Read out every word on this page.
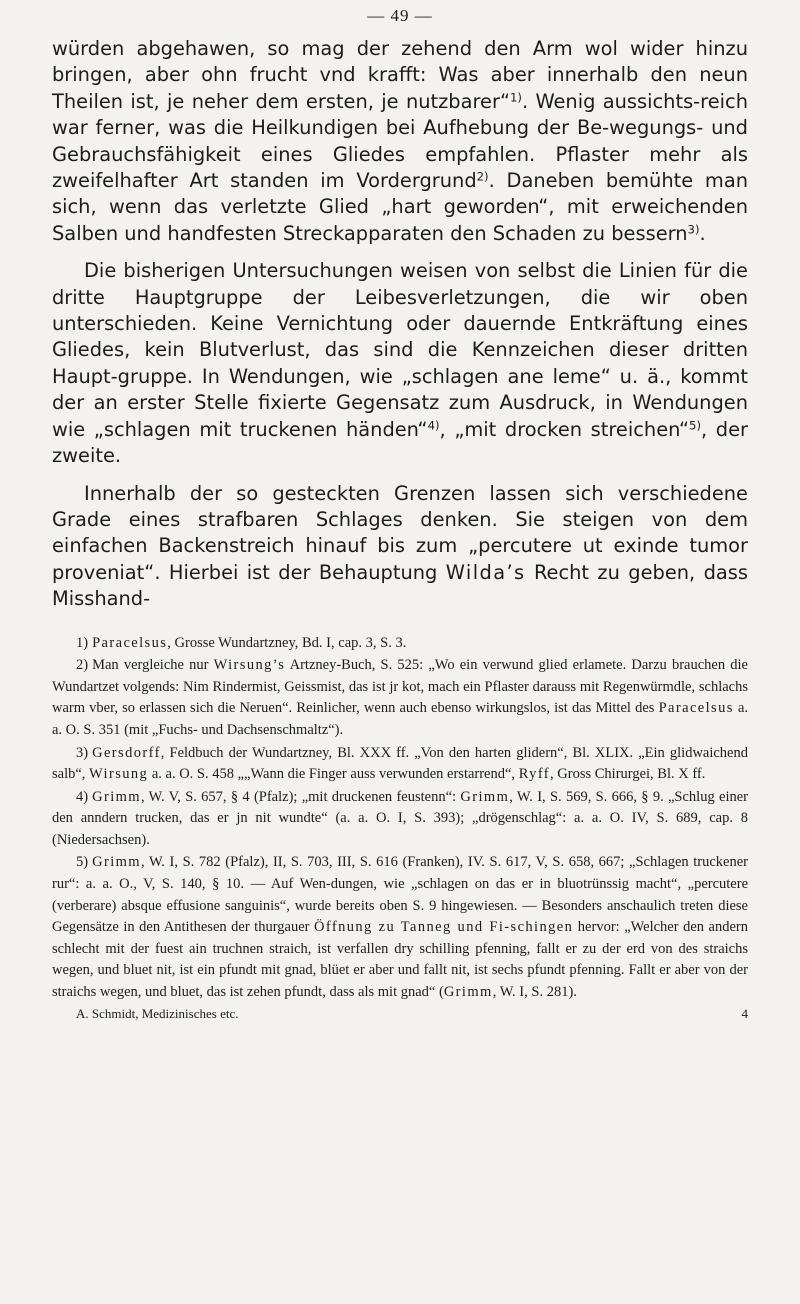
— 49 —

würden abgehawen, so mag der zehend den Arm wol wider hinzu bringen, aber ohn frucht vnd krafft: Was aber innerhalb den neun Theilen ist, je neher dem ersten, je nutzbarer“$^{1)}$. Wenig aussichts-reich war ferner, was die Heilkundigen bei Aufhebung der Be-wegungs- und Gebrauchsfähigkeit eines Gliedes empfahlen. Pflaster mehr als zweifelhafter Art standen im Vordergrund$^{2)}$. Daneben bemühte man sich, wenn das verletzte Glied „hart geworden“, mit erweichenden Salben und handfesten Streckapparaten den Schaden zu bessern$^{3)}$.

Die bisherigen Untersuchungen weisen von selbst die Linien für die dritte Hauptgruppe der Leibesverletzungen, die wir oben unterschieden. Keine Vernichtung oder dauernde Entkräftung eines Gliedes, kein Blutverlust, das sind die Kennzeichen dieser dritten Haupt-gruppe. In Wendungen, wie „schlagen ane leme“ u. ä., kommt der an erster Stelle fixierte Gegensatz zum Ausdruck, in Wendungen wie „schlagen mit truckenen händen“$^{4)}$, „mit drocken streichen“$^{5)}$, der zweite.

Innerhalb der so gesteckten Grenzen lassen sich verschiedene Grade eines strafbaren Schlages denken. Sie steigen von dem einfachen Backenstreich hinauf bis zum „percutere ut exinde tumor proveniat“. Hierbei ist der Behauptung Wilda’s Recht zu geben, dass Misshand-

1) Paracelsus, Grosse Wundartzney, Bd. I, cap. 3, S. 3.
2) Man vergleiche nur Wirsung’s Artzney-Buch, S. 525: „Wo ein verwund glied erlamete. Darzu brauchen die Wundartzet volgends: Nim Rindermist, Geissmist, das ist jr kot, mach ein Pflaster darauss mit Regenwürmdle, schlachs warm vber, so erlassen sich die Neruen“. Reinlicher, wenn auch ebenso wirkungslos, ist das Mittel des Paracelsus a. a. O. S. 351 (mit „Fuchs- und Dachsenschmaltz“).
3) Gersdorff, Feldbuch der Wundartzney, Bl. XXX ff. „Von den harten glidern“, Bl. XLIX. „Ein glidwaichend salb“, Wirsung a. a. O. S. 458 „„Wann die Finger auss verwunden erstarrend“, Ryff, Gross Chirurgei, Bl. X ff.
4) Grimm, W. V, S. 657, § 4 (Pfalz); „mit druckenen feustenn“: Grimm, W. I, S. 569, S. 666, § 9. „Schlug einer den anndern trucken, das er jn nit wundte“ (a. a. O. I, S. 393); „drögenschlag“: a. a. O. IV, S. 689, cap. 8 (Niedersachsen).
5) Grimm, W. I, S. 782 (Pfalz), II, S. 703, III, S. 616 (Franken), IV. S. 617, V, S. 658, 667; „Schlagen truckener rur“: a. a. O., V, S. 140, § 10. — Auf Wen-dungen, wie „schlagen on das er in bluotrünssig macht“, „percutere (verberare) absque effusione sanguinis“, wurde bereits oben S. 9 hingewiesen. — Besonders anschaulich treten diese Gegensätze in den Antithesen der thurgauer Öffnung zu Tanneg und Fi-schingen hervor: „Welcher den andern schlecht mit der fuest ain truchnen straich, ist verfallen dry schilling pfenning, fallt er zu der erd von des straichs wegen, und bluet nit, ist ein pfundt mit gnad, blüet er aber und fallt nit, ist sechs pfundt pfenning. Fallt er aber von der straichs wegen, und bluet, das ist zehen pfundt, dass als mit gnad“ (Grimm, W. I, S. 281).
A. Schmidt, Medizinisches etc.	4
